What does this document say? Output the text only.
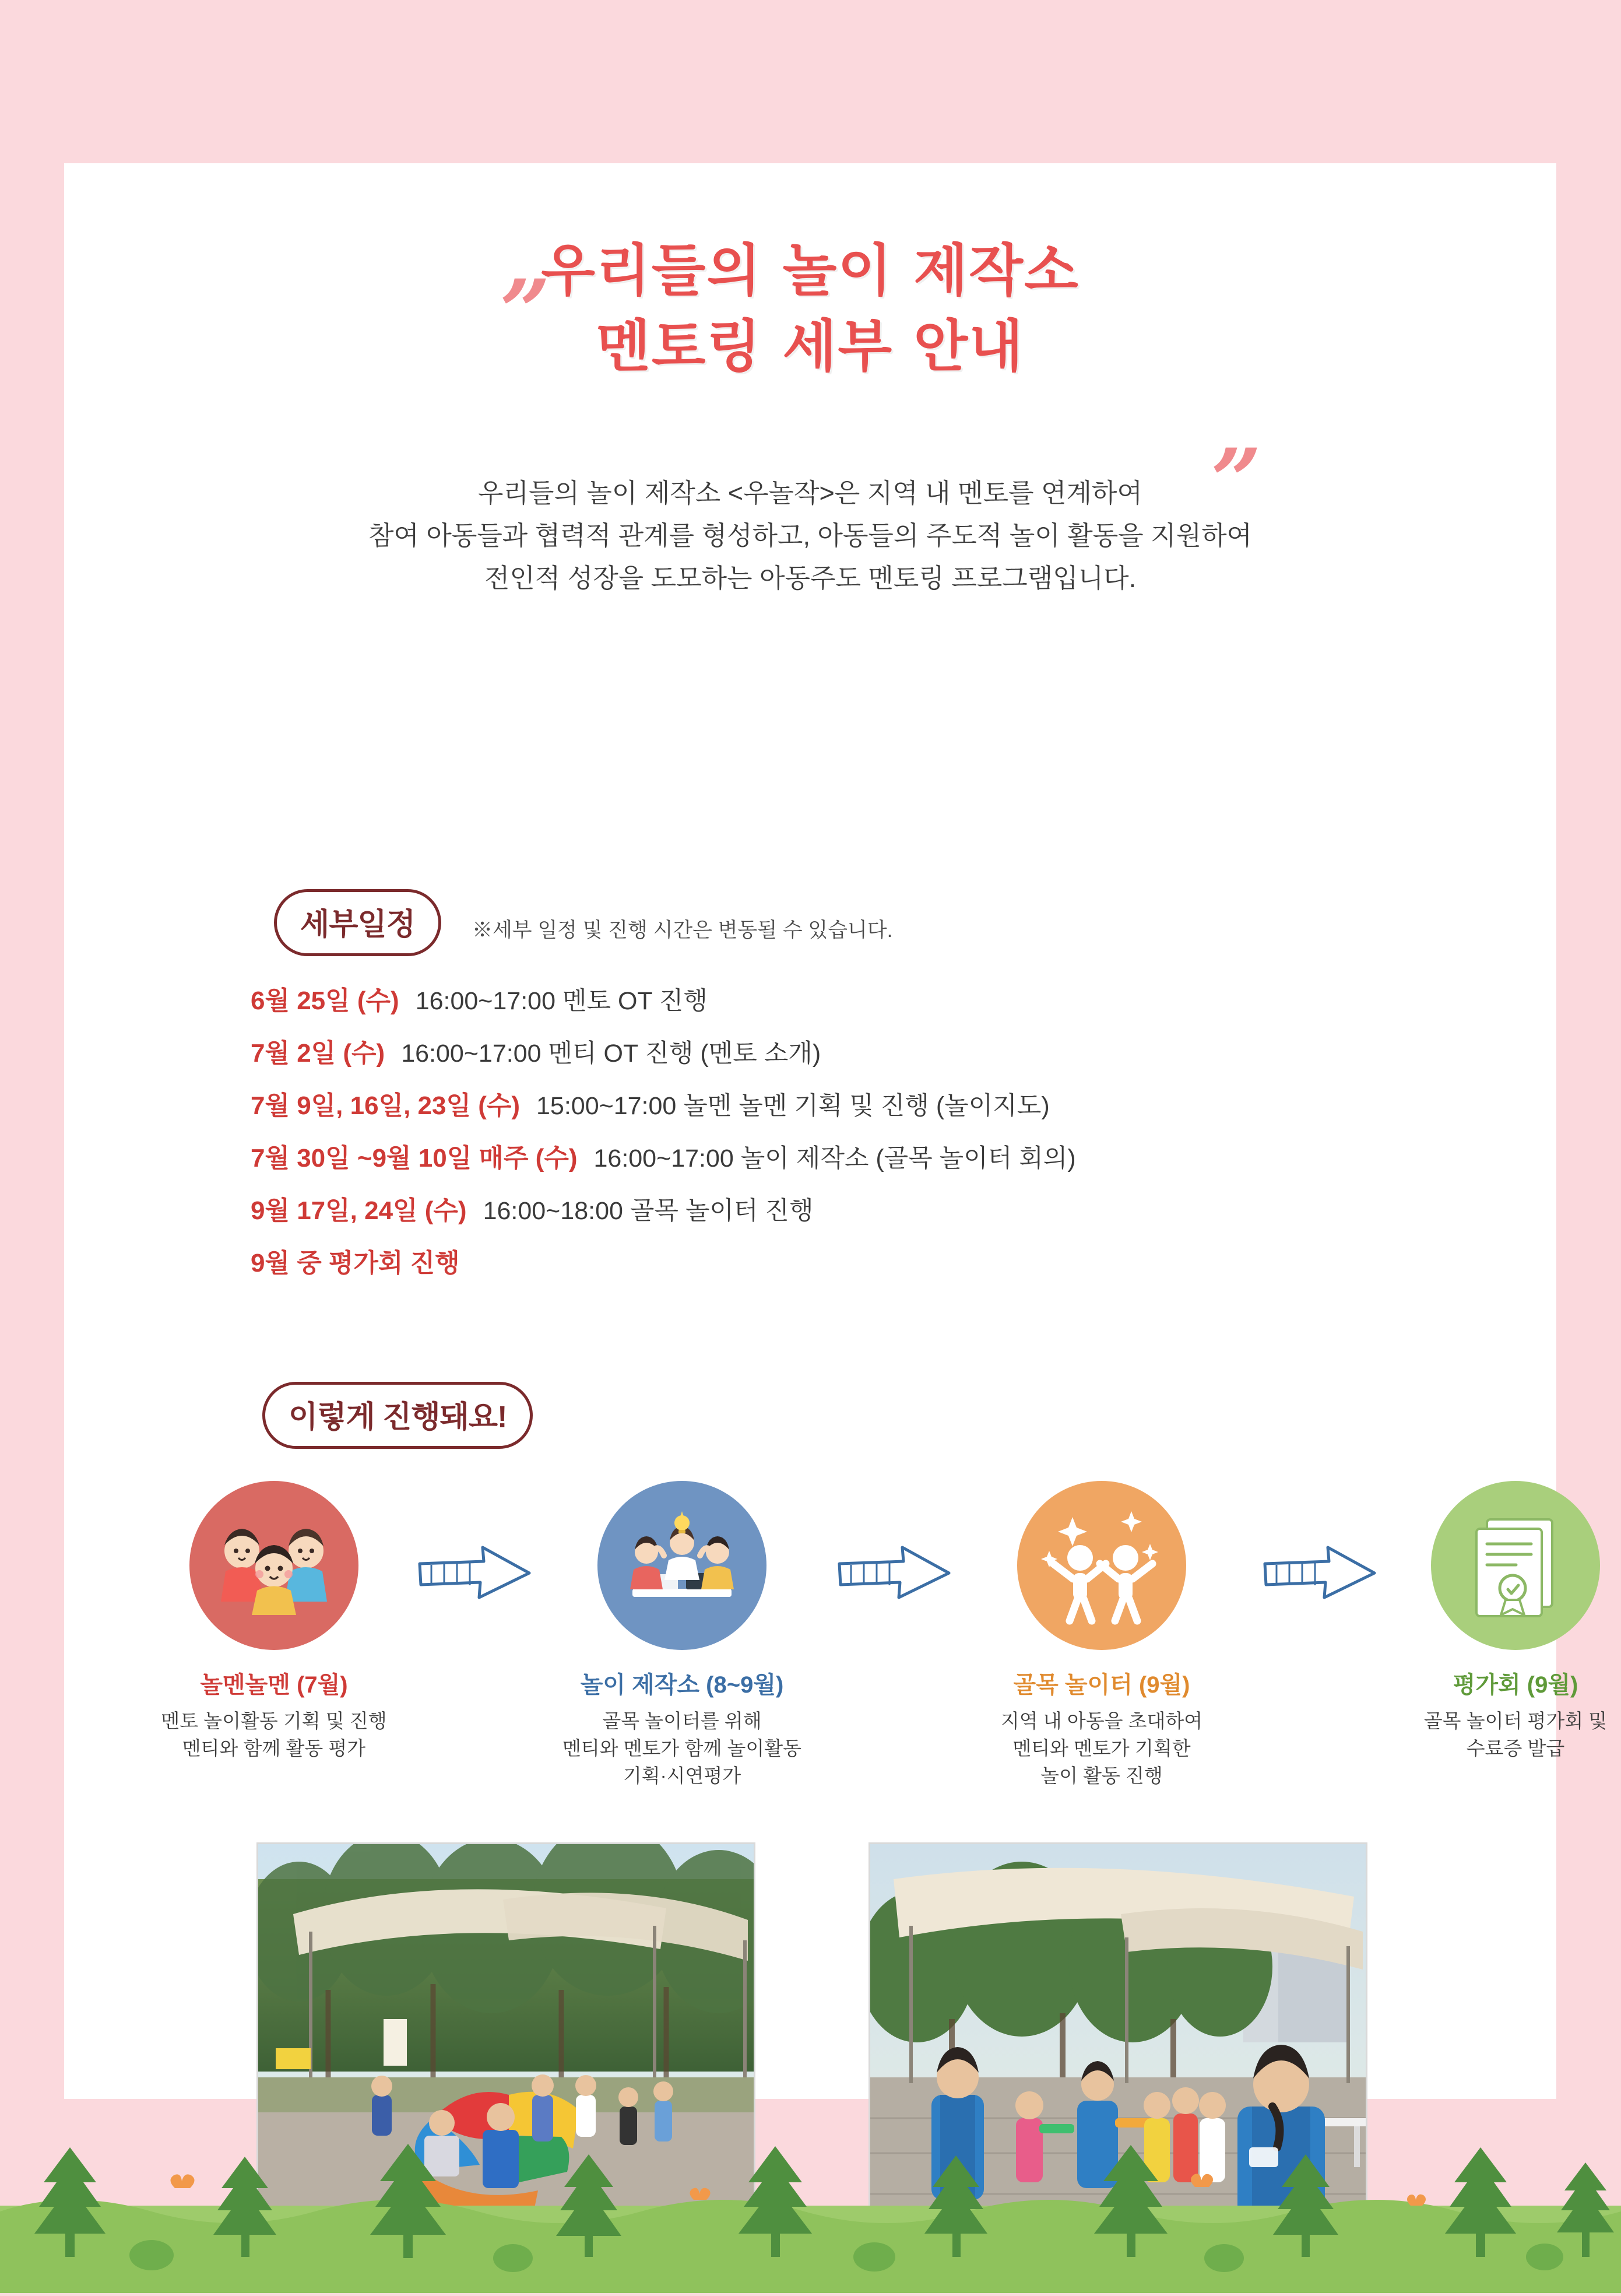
”
”
우리들의 놀이 제작소
멘토링 세부 안내
우리들의 놀이 제작소 <우놀작>은 지역 내 멘토를 연계하여
참여 아동들과 협력적 관계를 형성하고, 아동들의 주도적 놀이 활동을 지원하여
전인적 성장을 도모하는 아동주도 멘토링 프로그램입니다.
세부일정	※세부 일정 및 진행 시간은 변동될 수 있습니다.
6월 25일 (수) 16:00~17:00 멘토 OT 진행
7월 2일 (수) 16:00~17:00 멘티 OT 진행 (멘토 소개)
7월 9일, 16일, 23일 (수) 15:00~17:00 놀멘 놀멘 기획 및 진행 (놀이지도)
7월 30일 ~9월 10일 매주 (수) 16:00~17:00 놀이 제작소 (골목 놀이터 회의)
9월 17일, 24일 (수) 16:00~18:00 골목 놀이터 진행
9월 중 평가회 진행
이렇게 진행돼요!
놀멘놀멘 (7월)
멘토 놀이활동 기획 및 진행
멘티와 함께 활동 평가
놀이 제작소 (8~9월)
골목 놀이터를 위해
멘티와 멘토가 함께 놀이활동
기획·시연평가
골목 놀이터 (9월)
지역 내 아동을 초대하여
멘티와 멘토가 기획한
놀이 활동 진행
평가회 (9월)
골목 놀이터 평가회 및
수료증 발급
